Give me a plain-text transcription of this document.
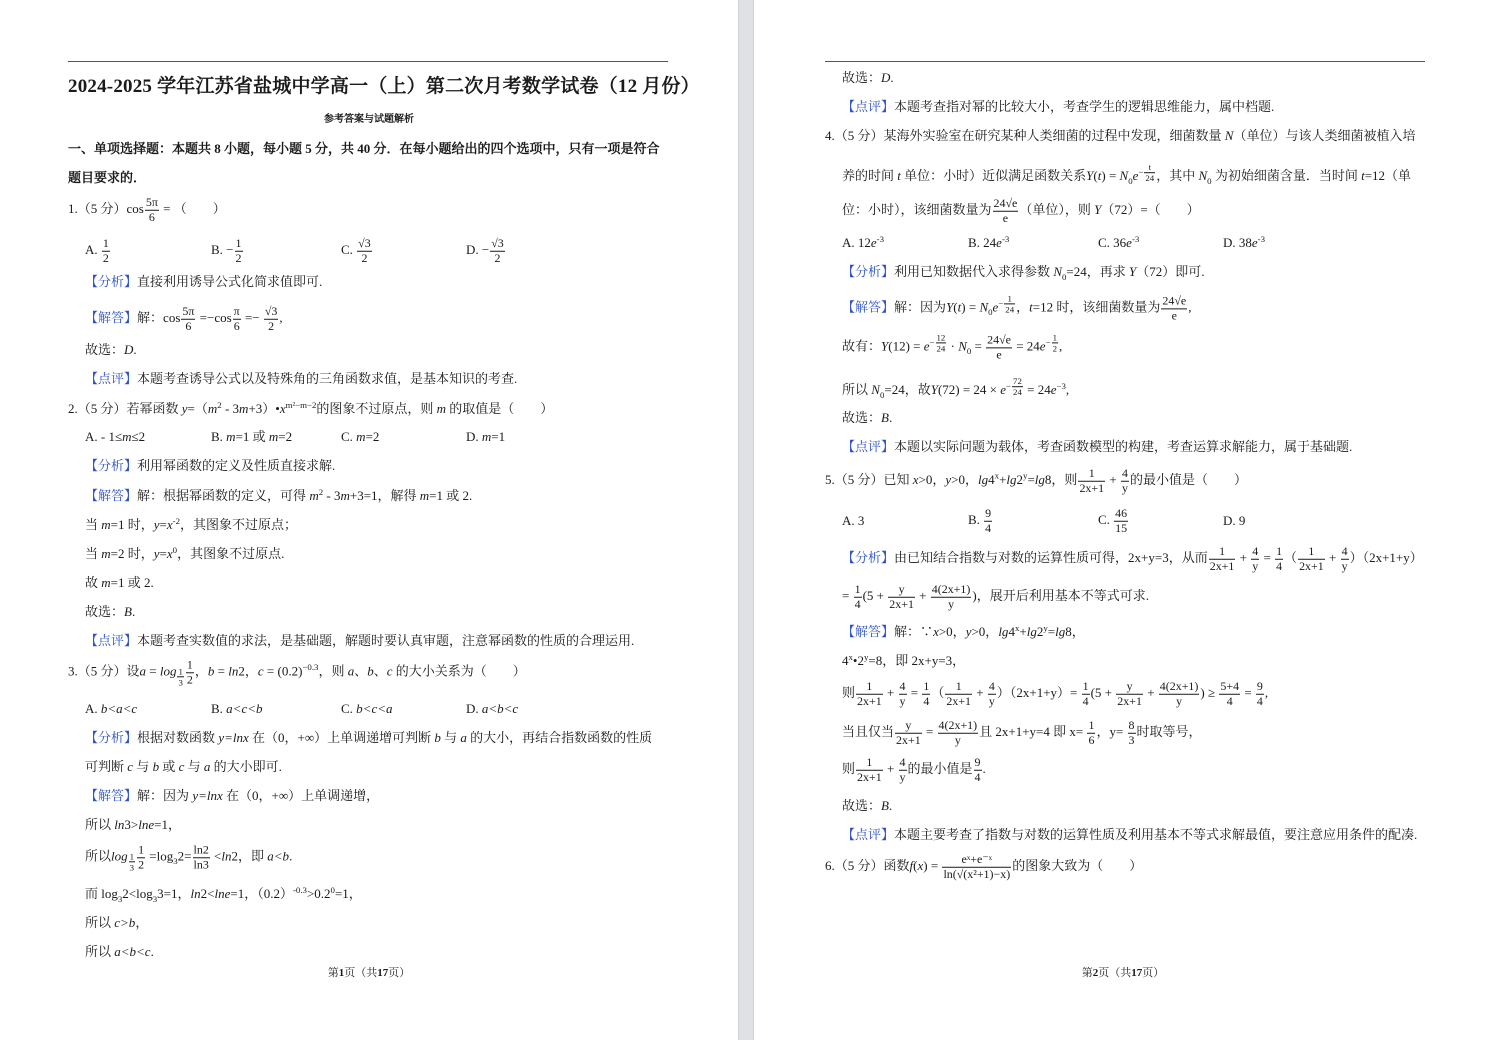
2024-2025 学年江苏省盐城中学高一（上）第二次月考数学试卷（12 月份）
参考答案与试题解析
一、单项选择题：本题共 8 小题，每小题 5 分，共 40 分．在每小题给出的四个选项中，只有一项是符合
题目要求的．
第1页（共17页）
1.（5 分）$\cos \frac{5\pi}{6}$ = （　　）
A. $\frac{1}{2}$	B. − $\frac{1}{2}$	C. $\frac{√3}{2}$	D. − $\frac{√3}{2}$
【分析】直接利用诱导公式化简求值即可.
【解答】解：$\cos \frac{5\pi}{6} =-\cos \frac{\pi}{6} =- \frac{√3}{2}$ ,
故选：D.
【点评】本题考查诱导公式以及特殊角的三角函数求值，是基本知识的考查.
2.（5 分）若幂函数 $y=(m^2$ - $3m+3)•x^{m^2-m-2}$的图象不过原点，则 m 的取值是（　　）
A. - 1≤m≤2	B. m=1 或 m=2	C. m=2	D. m=1
【分析】利用幂函数的定义及性质直接求解.
【解答】解：根据幂函数的定义，可得 $m^2 - 3m+3=1$，解得 m=1 或 2.
当 m=1 时，$y=x^{-2}$，其图象不过原点；
当 m=2 时，$y=x^0$，其图象不过原点.
故 m=1 或 2.
故选：B.
【点评】本题考查实数值的求法，是基础题，解题时要认真审题，注意幂函数的性质的合理运用.
3.（5 分）设$a = \log _{\frac{1}{3}} \frac{1}{2}$ ，b = ln2，$c = (0.2)^{-0.3}$，则 a、b、c 的大小关系为（　　）
A. b<a<c	B. a<c<b	C. b<c<a	D. a<b<c
【分析】根据对数函数 y=lnx 在（0，+∞）上单调递增可判断 b 与 a 的大小，再结合指数函数的性质
可判断 c 与 b 或 c 与 a 的大小即可.
【解答】解：因为 y=lnx 在（0，+∞）上单调递增，
所以 ln3>lne=1，
所以$\log _{\frac{1}{3}} \frac{1}{2} =\log_32= \frac{\ln 2}{\ln 3} <\ln 2$，即 a<b.
而 $\log_32<\log_33=1$，ln2<lne=1，$(0.2)^{-0.3}>0.2^0=1$，
所以 c>b，
所以 a<b<c.
第2页（共17页）
故选：D.
【点评】本题考查指对幂的比较大小，考查学生的逻辑思维能力，属中档题.
4.（5 分）某海外实验室在研究某种人类细菌的过程中发现，细菌数量 N（单位）与该人类细菌被植入培
养的时间 t 单位：小时）近似满足函数关系$Y(t) = N_0e^{- \frac{t}{24}}$ ，其中 $N_0$ 为初始细菌含量．当时间 t=12（单
位：小时），该细菌数量为 $\frac{24√e}{e}$ （单位），则 Y（72）=（　　）
A. $12e^{-3}$	B. $24e^{-3}$	C. $36e^{-3}$	D. $38e^{-3}$
【分析】利用已知数据代入求得参数 $N_0=24$，再求 Y（72）即可.
【解答】解：因为$Y(t) = N_0e^{- \frac{1}{24}}$ ，t=12 时，该细菌数量为 $\frac{24√e}{e}$ ,
故有：$Y(12) = e^{- \frac{12}{24}} \cdot N_0 = \frac{24√e}{e} = 24e^{- \frac{1}{2}}$ ,
所以 $N_0=24$，故$Y(72) = 24 \times e^{- \frac{72}{24}} = 24e^{-3}$,
故选：B.
【点评】本题以实际问题为载体，考查函数模型的构建，考查运算求解能力，属于基础题.
5.（5 分）已知 x>0，y>0，$\lg 4^x+\lg 2^y=\lg 8$，则 $\frac{1}{2x+1} + \frac{4}{y}$ 的最小值是（　　）
A. 3	B. $\frac{9}{4}$	C. $\frac{46}{15}$	D. 9
【分析】由已知结合指数与对数的运算性质可得，2x+y=3，从而 $\frac{1}{2x+1} + \frac{4}{y} = \frac{1}{4}$ （ $\frac{1}{2x+1} + \frac{4}{y} )(2x+1+y)$
= $\frac{1}{4} (5 + \frac{y}{2x+1} + \frac{4(2x+1)}{y}$ )，展开后利用基本不等式可求.
【解答】解：∵x>0，y>0，$\lg 4^x+\lg 2^y=\lg 8$，
$4^x•2^y=8$，即 2x+y=3，
则 $\frac{1}{2x+1} + \frac{4}{y} = \frac{1}{4}$ （ $\frac{1}{2x+1} + \frac{4}{y} )(2x+1+y)= \frac{1}{4} (5 + \frac{y}{2x+1} + \frac{4(2x+1)}{y}$ ) ≥ $\frac{5+4}{4} = \frac{9}{4}$ ,
当且仅当 $\frac{y}{2x+1} = \frac{4(2x+1)}{y}$ 且 2x+1+y=4 即 $x= \frac{1}{6}$ ，$y= \frac{8}{3}$ 时取等号，
则 $\frac{1}{2x+1} + \frac{4}{y}$ 的最小值是 $\frac{9}{4}$ .
故选：B.
【点评】本题主要考查了指数与对数的运算性质及利用基本不等式求解最值，要注意应用条件的配凑.
6.（5 分）函数$f(x) = \frac{\text{eˣ+e⁻ˣ}}{\text{ln(√(x²+1)−x)}}$ 的图象大致为（　　）
